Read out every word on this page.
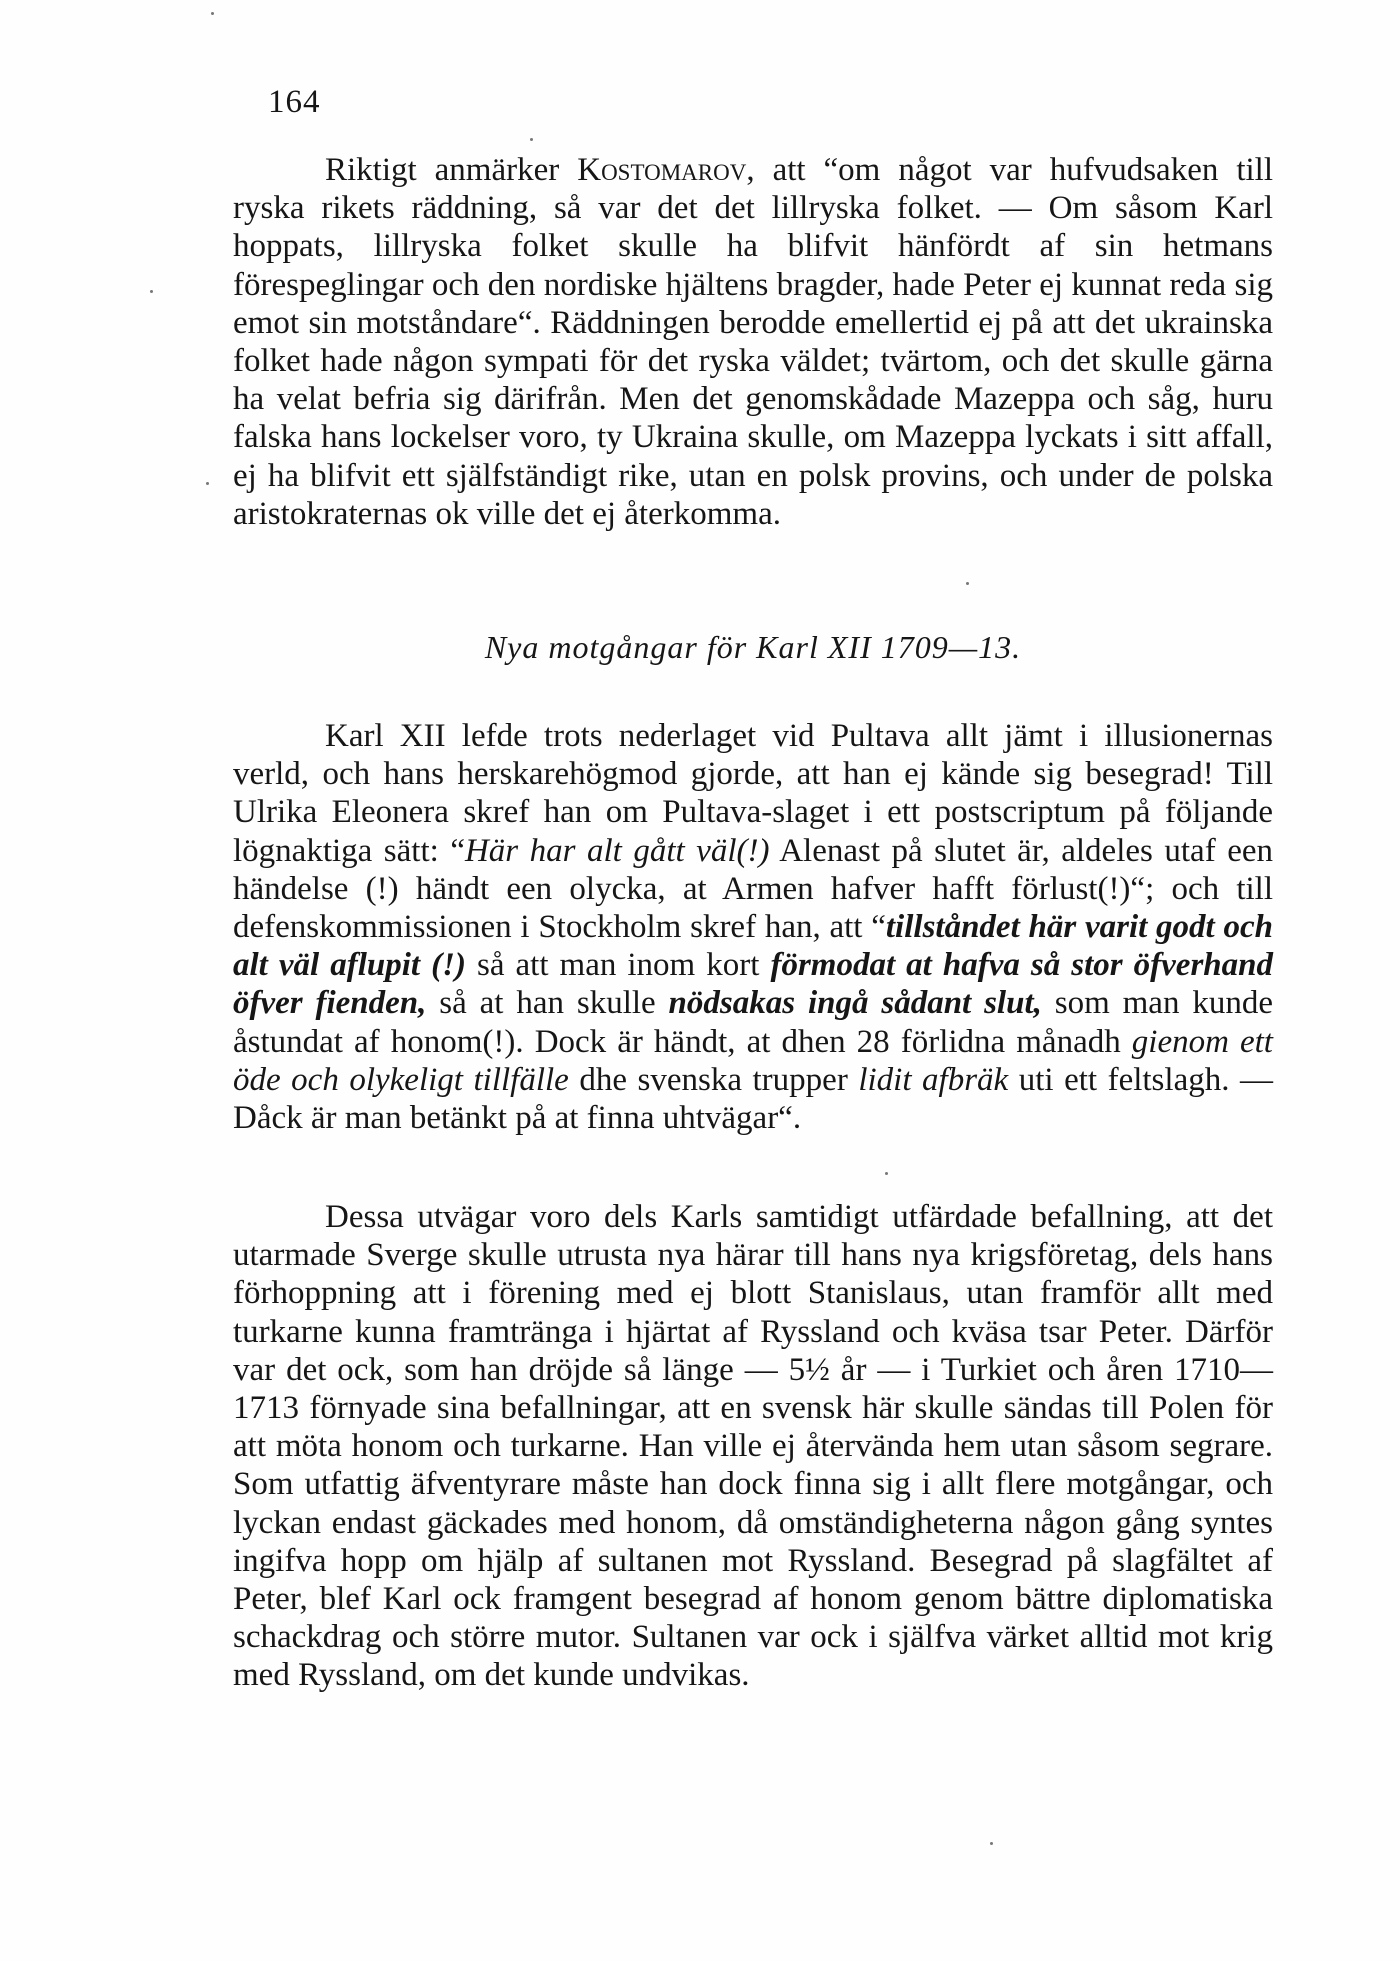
164
Riktigt anmärker Kostomarov, att “om något var hufvudsaken till ryska rikets räddning, så var det det lillryska folket. — Om såsom Karl hoppats, lillryska folket skulle ha blifvit hänfördt af sin hetmans förespeglingar och den nordiske hjältens bragder, hade Peter ej kunnat reda sig emot sin motståndare“. Räddningen berodde emellertid ej på att det ukrainska folket hade någon sympati för det ryska väldet; tvärtom, och det skulle gärna ha velat befria sig därifrån. Men det genomskådade Mazeppa och såg, huru falska hans lockelser voro, ty Ukraina skulle, om Mazeppa lyckats i sitt affall, ej ha blifvit ett själfständigt rike, utan en polsk provins, och under de polska aristokraternas ok ville det ej återkomma.
Nya motgångar för Karl XII 1709—13.
Karl XII lefde trots nederlaget vid Pultava allt jämt i illusionernas verld, och hans herskarehögmod gjorde, att han ej kände sig besegrad! Till Ulrika Eleonera skref han om Pultava-slaget i ett postscriptum på följande lögnaktiga sätt: “Här har alt gått väl(!) Alenast på slutet är, aldeles utaf een händelse (!) händt een olycka, at Armen hafver hafft förlust(!)“; och till defenskommissionen i Stockholm skref han, att “tillståndet här varit godt och alt väl aflupit (!) så att man inom kort förmodat at hafva så stor öfverhand öfver fienden, så at han skulle nödsakas ingå sådant slut, som man kunde åstundat af honom(!). Dock är händt, at dhen 28 förlidna månadh gienom ett öde och olykeligt tillfälle dhe svenska trupper lidit afbräk uti ett feltslagh. — Dåck är man betänkt på at finna uhtvägar“.
Dessa utvägar voro dels Karls samtidigt utfärdade befallning, att det utarmade Sverge skulle utrusta nya härar till hans nya krigsföretag, dels hans förhoppning att i förening med ej blott Stanislaus, utan framför allt med turkarne kunna framtränga i hjärtat af Ryssland och kväsa tsar Peter. Därför var det ock, som han dröjde så länge — 5½ år — i Turkiet och åren 1710—1713 förnyade sina befallningar, att en svensk här skulle sändas till Polen för att möta honom och turkarne. Han ville ej återvända hem utan såsom segrare. Som utfattig äfventyrare måste han dock finna sig i allt flere motgångar, och lyckan endast gäckades med honom, då omständigheterna någon gång syntes ingifva hopp om hjälp af sultanen mot Ryssland. Besegrad på slagfältet af Peter, blef Karl ock framgent besegrad af honom genom bättre diplomatiska schackdrag och större mutor. Sultanen var ock i själfva värket alltid mot krig med Ryssland, om det kunde undvikas.
